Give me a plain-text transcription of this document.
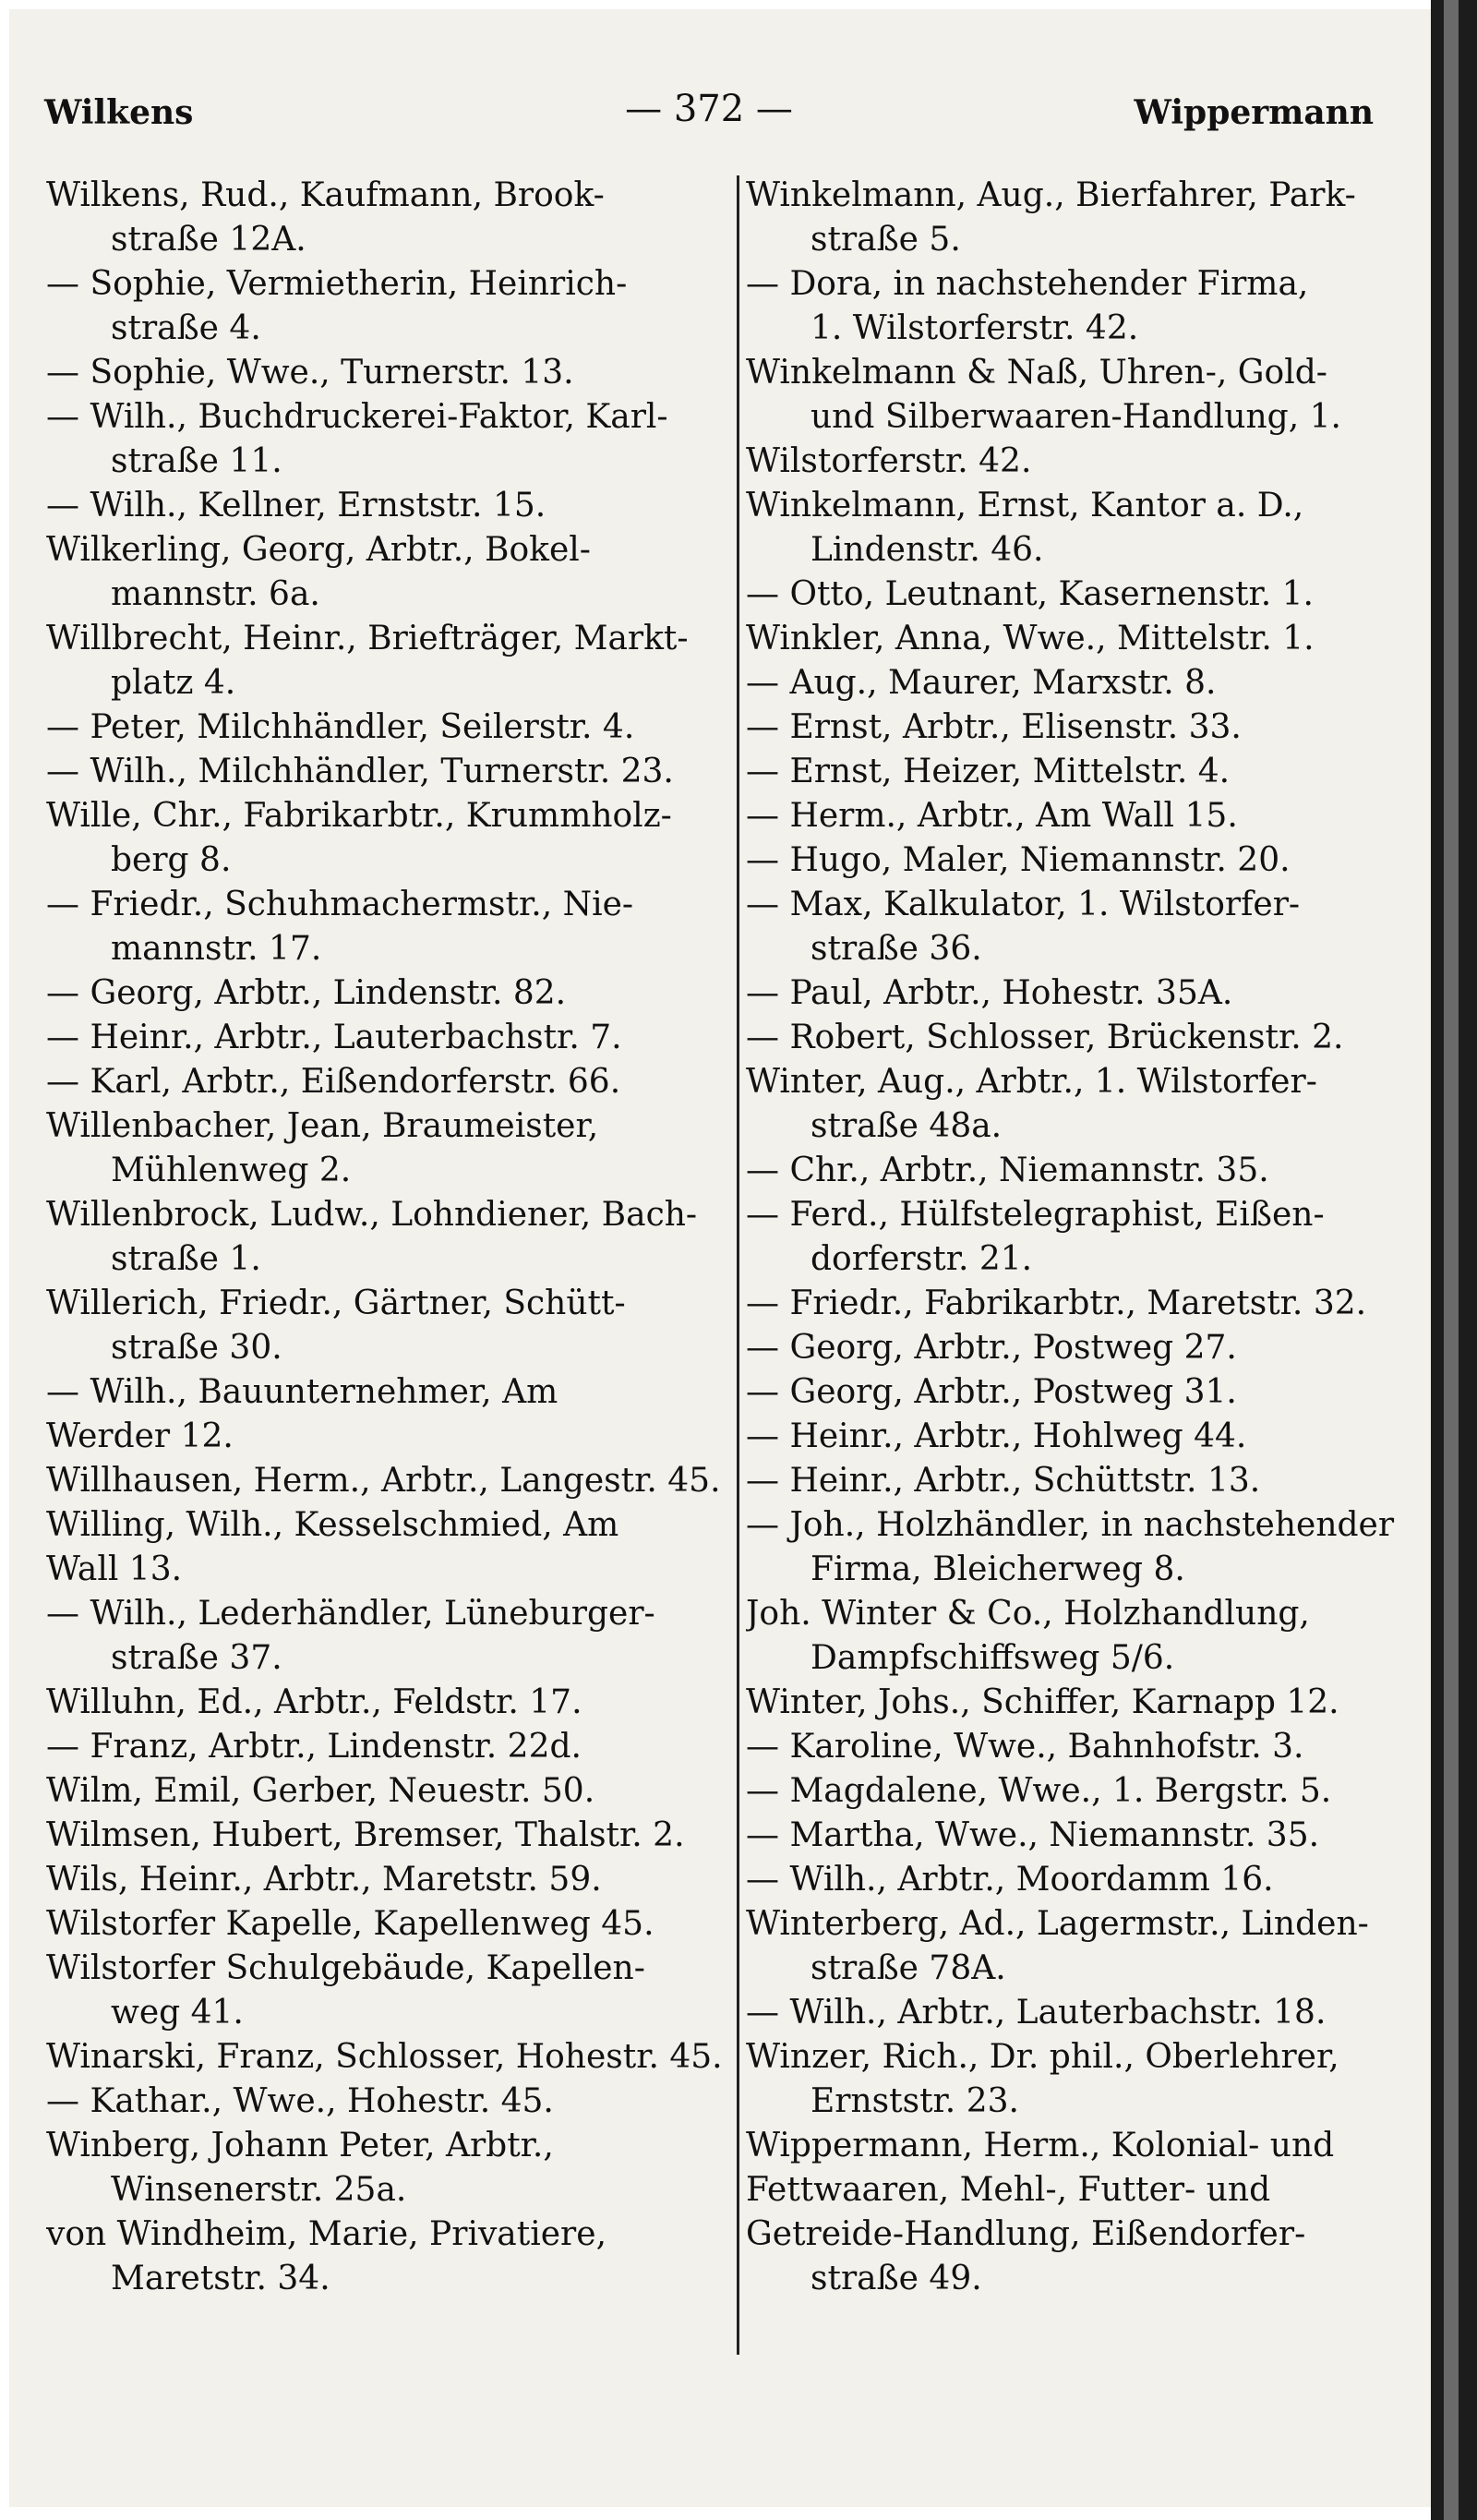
Wilkens	— 372 —	Wippermann
Wilkens, Rud., Kaufmann, Brook-
straße 12A.
— Sophie, Vermietherin, Heinrich-
straße 4.
— Sophie, Wwe., Turnerstr. 13.
— Wilh., Buchdruckerei-Faktor, Karl-
straße 11.
— Wilh., Kellner, Ernststr. 15.
Wilkerling, Georg, Arbtr., Bokel-
mannstr. 6a.
Willbrecht, Heinr., Briefträger, Markt-
platz 4.
— Peter, Milchhändler, Seilerstr. 4.
— Wilh., Milchhändler, Turnerstr. 23.
Wille, Chr., Fabrikarbtr., Krummholz-
berg 8.
— Friedr., Schuhmachermstr., Nie-
mannstr. 17.
— Georg, Arbtr., Lindenstr. 82.
— Heinr., Arbtr., Lauterbachstr. 7.
— Karl, Arbtr., Eißendorferstr. 66.
Willenbacher, Jean, Braumeister,
Mühlenweg 2.
Willenbrock, Ludw., Lohndiener, Bach-
straße 1.
Willerich, Friedr., Gärtner, Schütt-
straße 30.
— Wilh., Bauunternehmer, Am
Werder 12.
Willhausen, Herm., Arbtr., Langestr. 45.
Willing, Wilh., Kesselschmied, Am
Wall 13.
— Wilh., Lederhändler, Lüneburger-
straße 37.
Willuhn, Ed., Arbtr., Feldstr. 17.
— Franz, Arbtr., Lindenstr. 22d.
Wilm, Emil, Gerber, Neuestr. 50.
Wilmsen, Hubert, Bremser, Thalstr. 2.
Wils, Heinr., Arbtr., Maretstr. 59.
Wilstorfer Kapelle, Kapellenweg 45.
Wilstorfer Schulgebäude, Kapellen-
weg 41.
Winarski, Franz, Schlosser, Hohestr. 45.
— Kathar., Wwe., Hohestr. 45.
Winberg, Johann Peter, Arbtr.,
Winsenerstr. 25a.
von Windheim, Marie, Privatiere,
Maretstr. 34.
Winkelmann, Aug., Bierfahrer, Park-
straße 5.
— Dora, in nachstehender Firma,
1. Wilstorferstr. 42.
Winkelmann & Naß, Uhren-, Gold-
und Silberwaaren-Handlung, 1.
Wilstorferstr. 42.
Winkelmann, Ernst, Kantor a. D.,
Lindenstr. 46.
— Otto, Leutnant, Kasernenstr. 1.
Winkler, Anna, Wwe., Mittelstr. 1.
— Aug., Maurer, Marxstr. 8.
— Ernst, Arbtr., Elisenstr. 33.
— Ernst, Heizer, Mittelstr. 4.
— Herm., Arbtr., Am Wall 15.
— Hugo, Maler, Niemannstr. 20.
— Max, Kalkulator, 1. Wilstorfer-
straße 36.
— Paul, Arbtr., Hohestr. 35A.
— Robert, Schlosser, Brückenstr. 2.
Winter, Aug., Arbtr., 1. Wilstorfer-
straße 48a.
— Chr., Arbtr., Niemannstr. 35.
— Ferd., Hülfstelegraphist, Eißen-
dorferstr. 21.
— Friedr., Fabrikarbtr., Maretstr. 32.
— Georg, Arbtr., Postweg 27.
— Georg, Arbtr., Postweg 31.
— Heinr., Arbtr., Hohlweg 44.
— Heinr., Arbtr., Schüttstr. 13.
— Joh., Holzhändler, in nachstehender
Firma, Bleicherweg 8.
Joh. Winter & Co., Holzhandlung,
Dampfschiffsweg 5/6.
Winter, Johs., Schiffer, Karnapp 12.
— Karoline, Wwe., Bahnhofstr. 3.
— Magdalene, Wwe., 1. Bergstr. 5.
— Martha, Wwe., Niemannstr. 35.
— Wilh., Arbtr., Moordamm 16.
Winterberg, Ad., Lagermstr., Linden-
straße 78A.
— Wilh., Arbtr., Lauterbachstr. 18.
Winzer, Rich., Dr. phil., Oberlehrer,
Ernststr. 23.
Wippermann, Herm., Kolonial- und
Fettwaaren, Mehl-, Futter- und
Getreide-Handlung, Eißendorfer-
straße 49.
